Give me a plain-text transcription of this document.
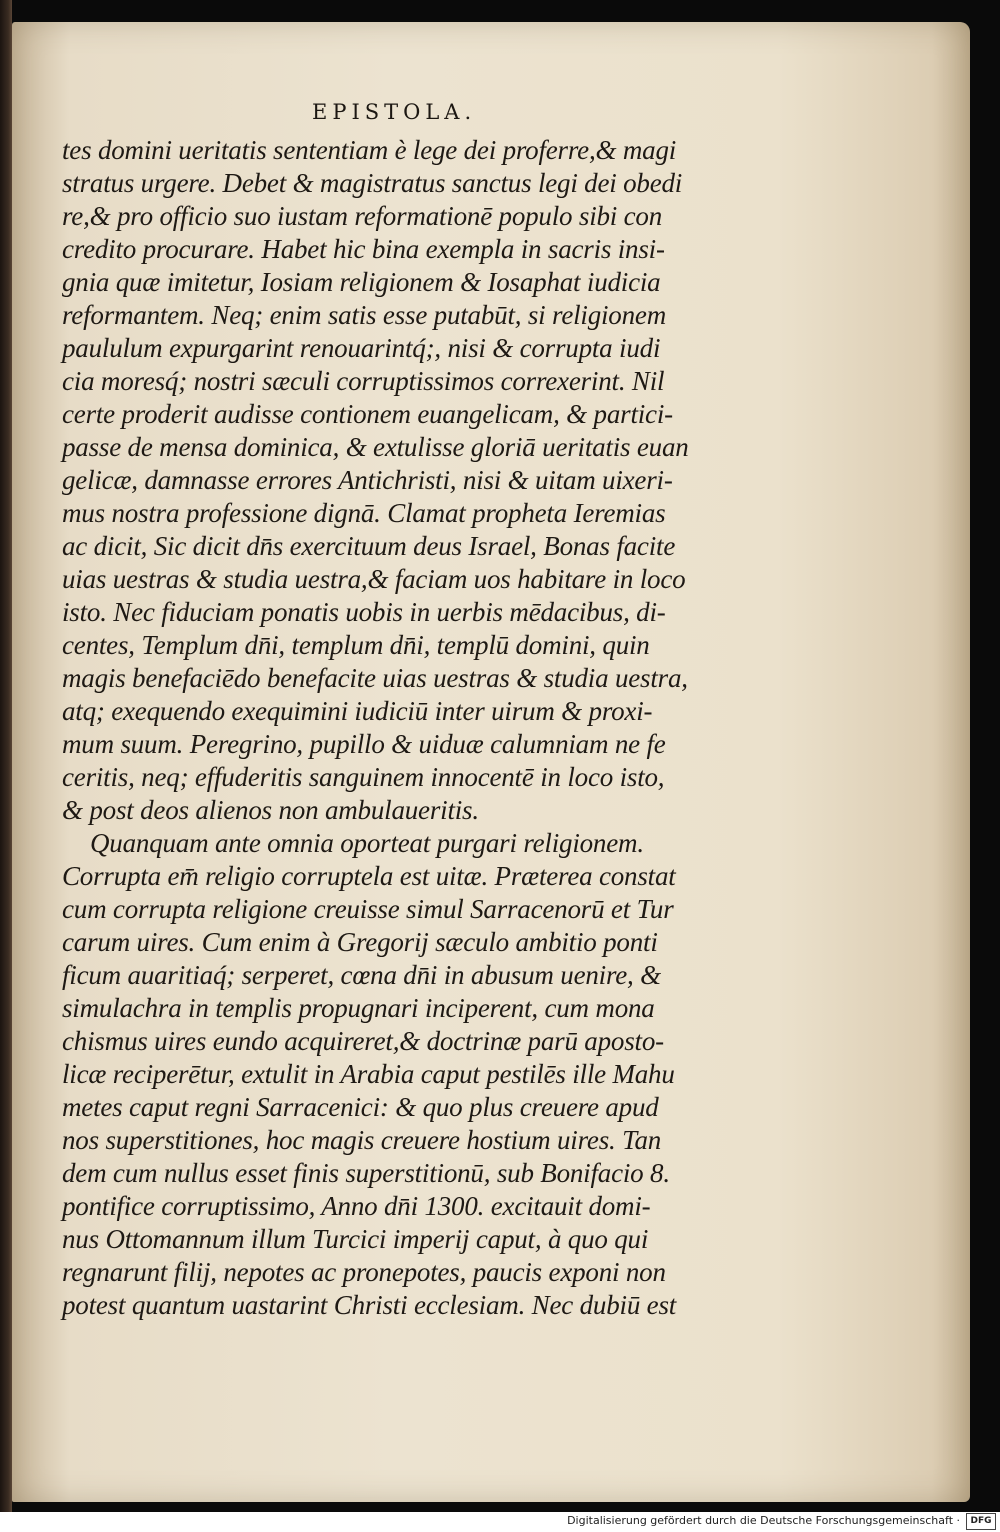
EPISTOLA.
tes domini ueritatis sententiam è lege dei proferre,& magi
stratus urgere. Debet & magistratus sanctus legi dei obedi
re,& pro officio suo iustam reformationē populo sibi con
credito procurare. Habet hic bina exempla in sacris insi-
gnia quæ imitetur, Iosiam religionem & Iosaphat iudicia
reformantem. Neq; enim satis esse putabūt, si religionem
paululum expurgarint renouarintq́;, nisi & corrupta iudi
cia moresq́; nostri sæculi corruptissimos correxerint. Nil
certe proderit audisse contionem euangelicam, & partici-
passe de mensa dominica, & extulisse gloriā ueritatis euan
gelicæ, damnasse errores Antichristi, nisi & uitam uixeri-
mus nostra professione dignā. Clamat propheta Ieremias
ac dicit, Sic dicit dn̄s exercituum deus Israel, Bonas facite
uias uestras & studia uestra,& faciam uos habitare in loco
isto. Nec fiduciam ponatis uobis in uerbis mēdacibus, di-
centes, Templum dn̄i, templum dn̄i, templū domini, quin
magis benefaciēdo benefacite uias uestras & studia uestra,
atq; exequendo exequimini iudiciū inter uirum & proxi-
mum suum. Peregrino, pupillo & uiduæ calumniam ne fe
ceritis, neq; effuderitis sanguinem innocentē in loco isto,
& post deos alienos non ambulaueritis.
Quanquam ante omnia oporteat purgari religionem.
Corrupta em̄ religio corruptela est uitæ. Præterea constat
cum corrupta religione creuisse simul Sarracenorū et Tur
carum uires. Cum enim à Gregorij sæculo ambitio ponti
ficum auaritiaq́; serperet, cœna dn̄i in abusum uenire, &
simulachra in templis propugnari inciperent, cum mona
chismus uires eundo acquireret,& doctrinæ parū aposto-
licæ reciperētur, extulit in Arabia caput pestilēs ille Mahu
metes caput regni Sarracenici: & quo plus creuere apud
nos superstitiones, hoc magis creuere hostium uires. Tan
dem cum nullus esset finis superstitionū, sub Bonifacio 8.
pontifice corruptissimo, Anno dn̄i 1300. excitauit domi-
nus Ottomannum illum Turcici imperij caput, à quo qui
regnarunt filij, nepotes ac pronepotes, paucis exponi non
potest quantum uastarint Christi ecclesiam. Nec dubiū est
Digitalisierung gefördert durch die Deutsche Forschungsgemeinschaft ·	DFG
